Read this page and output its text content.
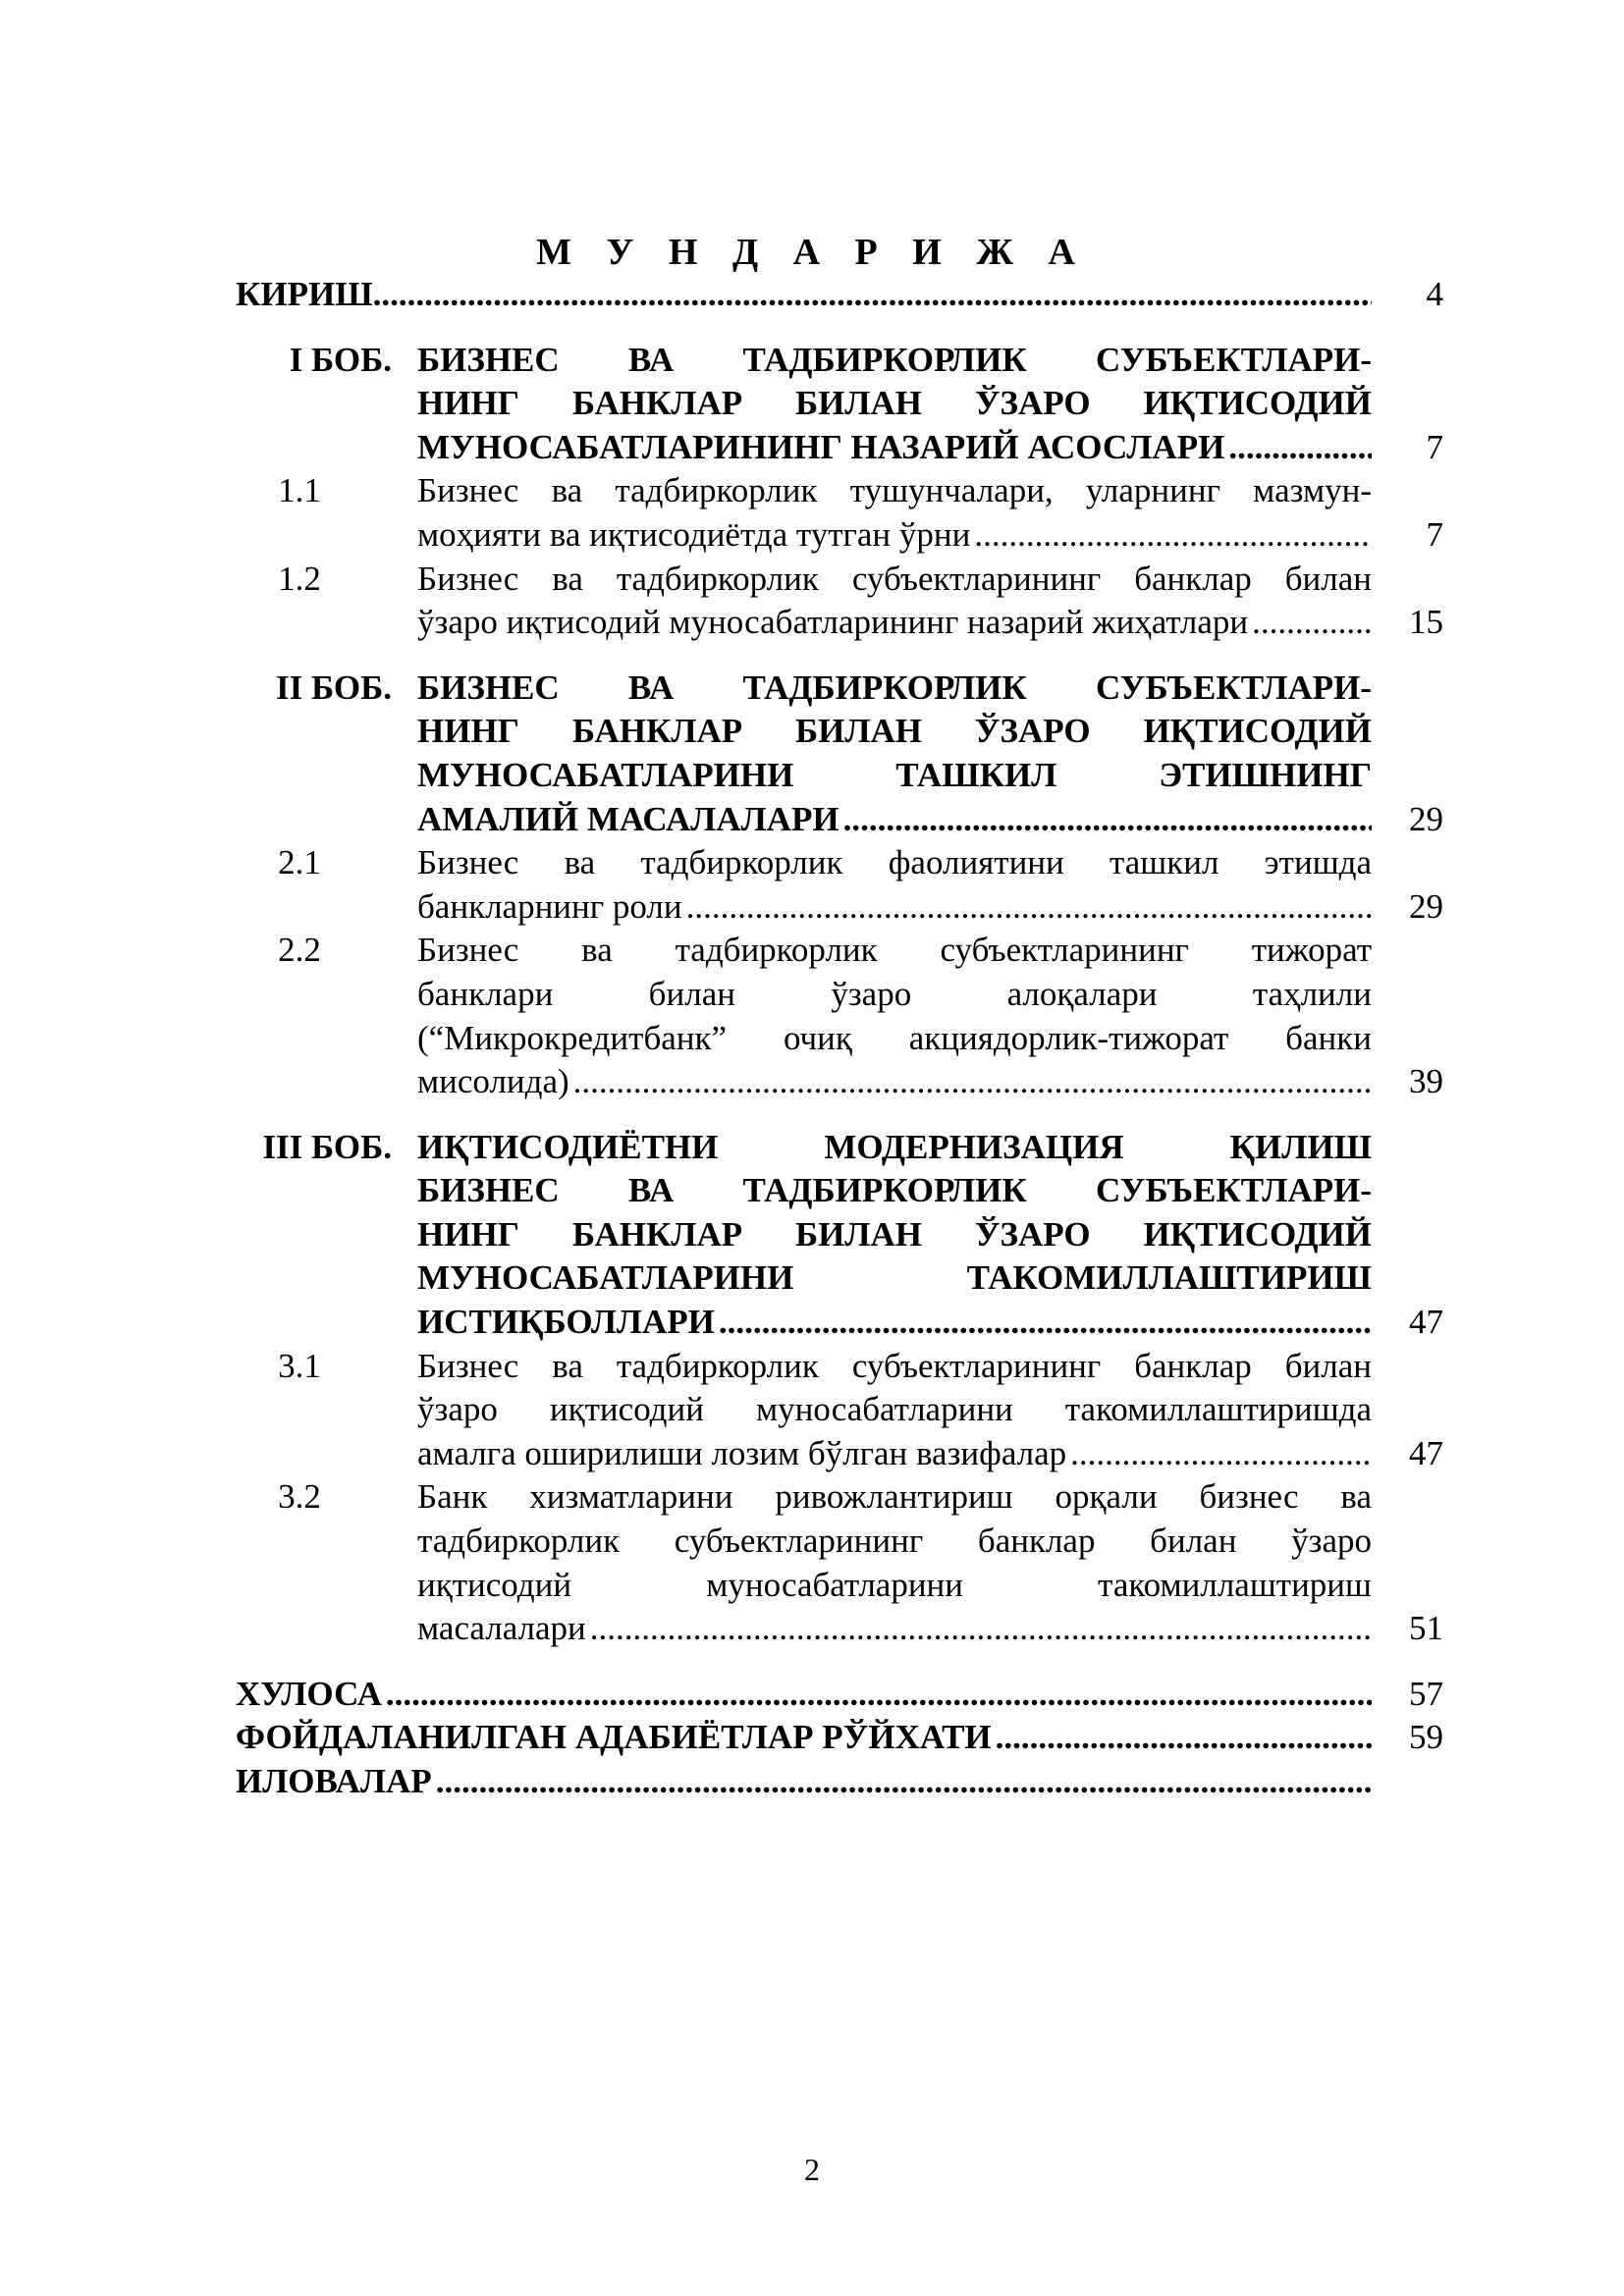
М У Н Д А Р И Ж А
КИРИШ .....	4
I БОБ. БИЗНЕС ВА ТАДБИРКОРЛИК СУБЪЕКТЛАРИ-
НИНГ БАНКЛАР БИЛАН ЎЗАРО ИҚТИСОДИЙ
МУНОСАБАТЛАРИНИНГ НАЗАРИЙ АСОСЛАРИ .....	7
1.1	Бизнес ва тадбиркорлик тушунчалари, уларнинг мазмун-
моҳияти ва иқтисодиётда тутган ўрни .....	7
1.2	Бизнес ва тадбиркорлик субъектларининг банклар билан
ўзаро иқтисодий муносабатларининг назарий жиҳатлари .....	15
II БОБ. БИЗНЕС ВА ТАДБИРКОРЛИК СУБЪЕКТЛАРИ-
НИНГ БАНКЛАР БИЛАН ЎЗАРО ИҚТИСОДИЙ
МУНОСАБАТЛАРИНИ ТАШКИЛ ЭТИШНИНГ
АМАЛИЙ МАСАЛАЛАРИ .....	29
2.1	Бизнес ва тадбиркорлик фаолиятини ташкил этишда
банкларнинг роли .....	29
2.2	Бизнес ва тадбиркорлик субъектларининг тижорат
банклари билан ўзаро алоқалари таҳлили
(“Микрокредитбанк” очиқ акциядорлик-тижорат банки
мисолида) .....	39
III БОБ. ИҚТИСОДИЁТНИ МОДЕРНИЗАЦИЯ ҚИЛИШ
БИЗНЕС ВА ТАДБИРКОРЛИК СУБЪЕКТЛАРИ-
НИНГ БАНКЛАР БИЛАН ЎЗАРО ИҚТИСОДИЙ
МУНОСАБАТЛАРИНИ ТАКОМИЛЛАШТИРИШ
ИСТИҚБОЛЛАРИ .....	47
3.1	Бизнес ва тадбиркорлик субъектларининг банклар билан
ўзаро иқтисодий муносабатларини такомиллаштиришда
амалга оширилиши лозим бўлган вазифалар .....	47
3.2	Банк хизматларини ривожлантириш орқали бизнес ва
тадбиркорлик субъектларининг банклар билан ўзаро
иқтисодий муносабатларини такомиллаштириш
масалалари .....	51
ХУЛОСА .....	57
ФОЙДАЛАНИЛГАН АДАБИЁТЛАР РЎЙХАТИ .....	59
ИЛОВАЛАР .....
2
